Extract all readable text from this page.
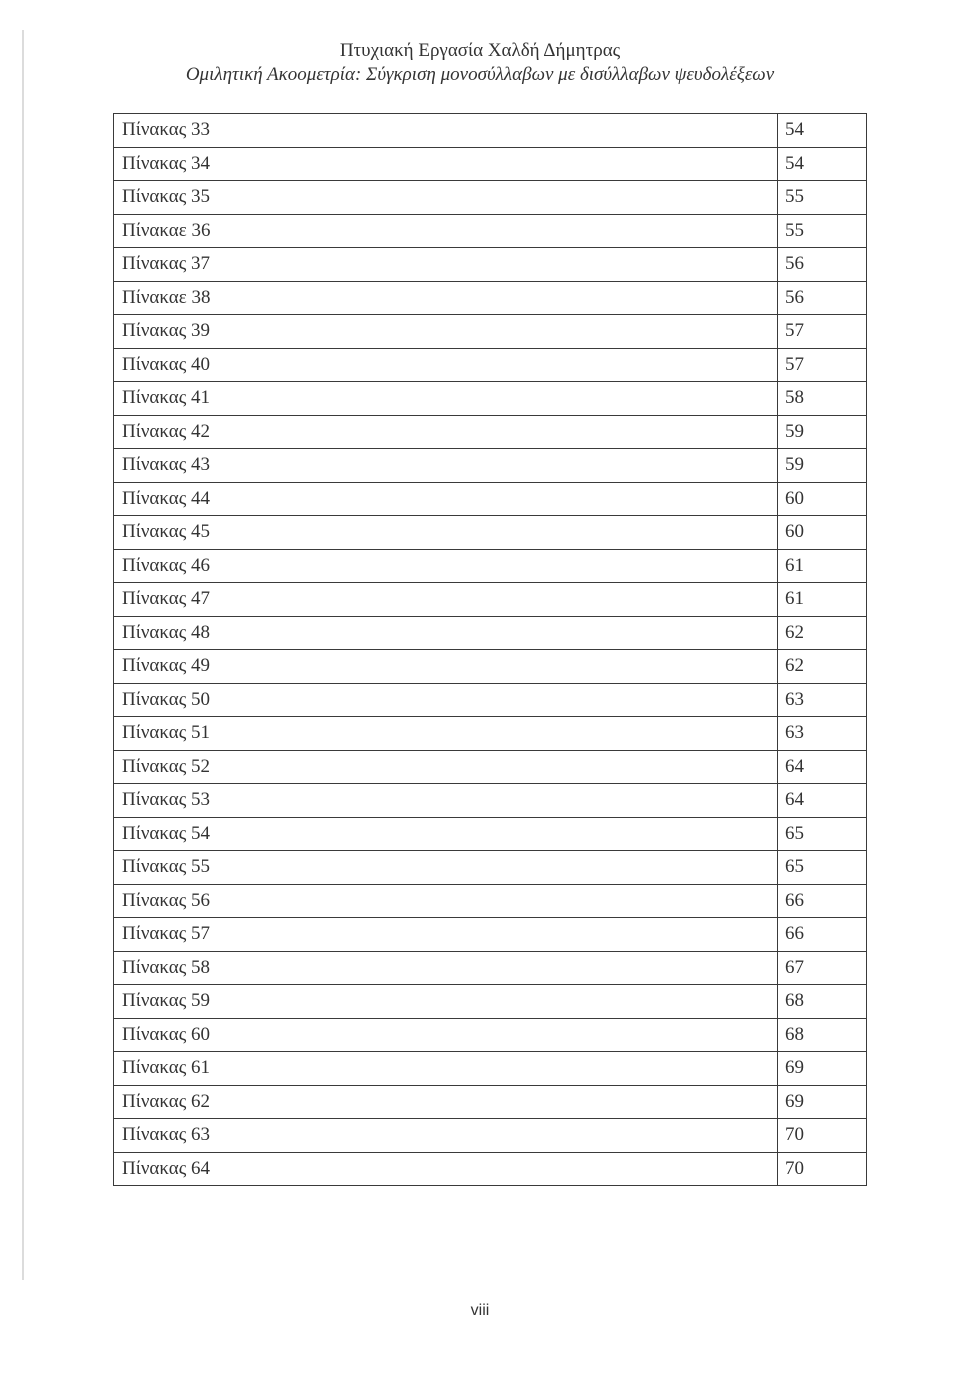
Πτυχιακή Εργασία Χαλδή Δήμητρας
Ομιλητική Ακοομετρία: Σύγκριση μονοσύλλαβων με δισύλλαβων ψευδολέξεων
Πίνακας 33	54
Πίνακας 34	54
Πίνακας 35	55
Πίνακαε 36	55
Πίνακας 37	56
Πίνακαε 38	56
Πίνακας 39	57
Πίνακας 40	57
Πίνακας 41	58
Πίνακας 42	59
Πίνακας 43	59
Πίνακας 44	60
Πίνακας 45	60
Πίνακας 46	61
Πίνακας 47	61
Πίνακας 48	62
Πίνακας 49	62
Πίνακας 50	63
Πίνακας 51	63
Πίνακας 52	64
Πίνακας 53	64
Πίνακας 54	65
Πίνακας 55	65
Πίνακας 56	66
Πίνακας 57	66
Πίνακας 58	67
Πίνακας 59	68
Πίνακας 60	68
Πίνακας 61	69
Πίνακας 62	69
Πίνακας 63	70
Πίνακας 64	70
viii
